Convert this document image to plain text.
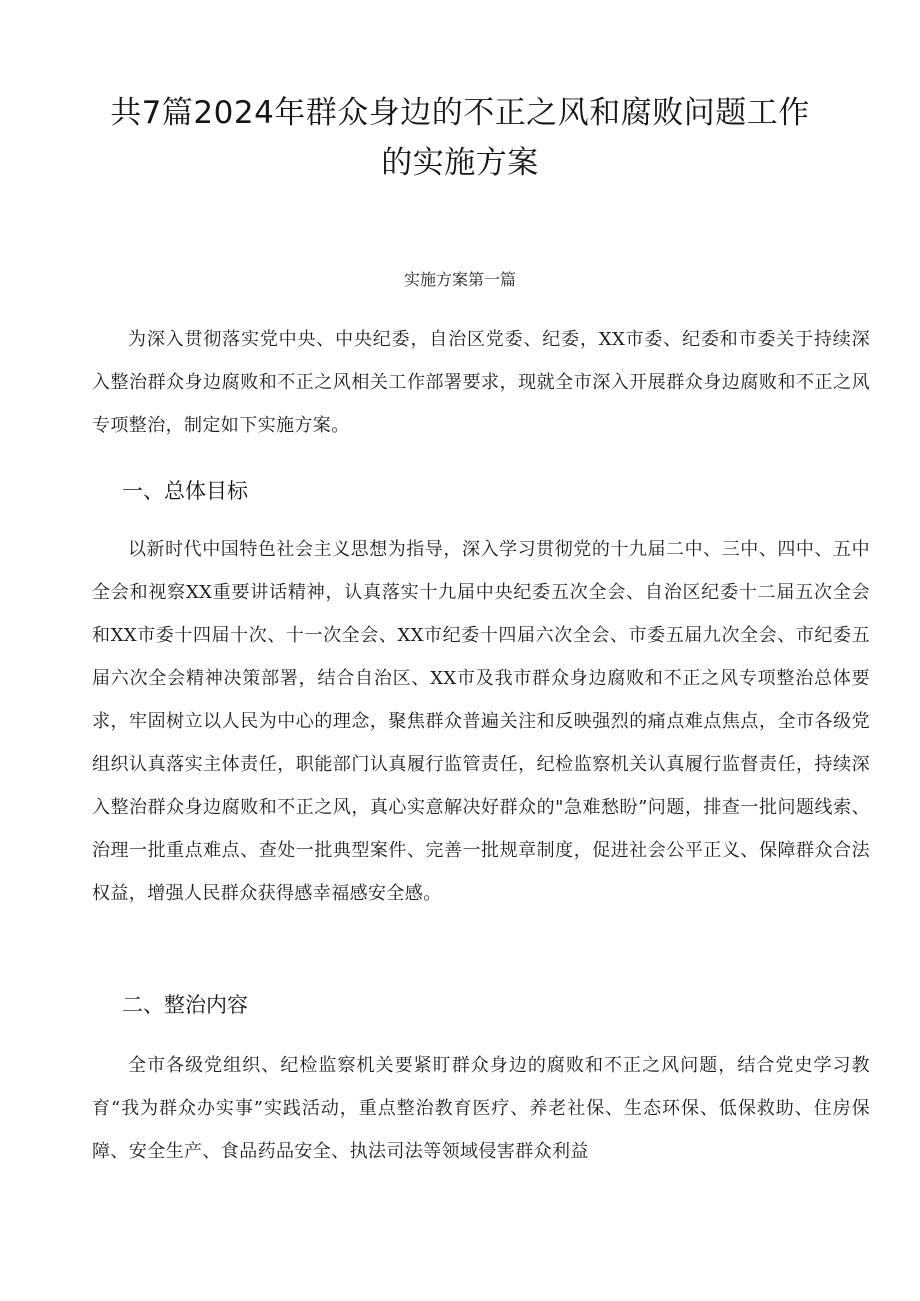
共7篇2024年群众身边的不正之风和腐败问题工作
的实施方案
实施方案第一篇

为深入贯彻落实党中央、中央纪委，自治区党委、纪委，XX市委、纪委和市委关于持续深入整治群众身边腐败和不正之风相关工作部署要求，现就全市深入开展群众身边腐败和不正之风专项整治，制定如下实施方案。

一、总体目标

以新时代中国特色社会主义思想为指导，深入学习贯彻党的十九届二中、三中、四中、五中全会和视察XX重要讲话精神，认真落实十九届中央纪委五次全会、自治区纪委十二届五次全会和XX市委十四届十次、十一次全会、XX市纪委十四届六次全会、市委五届九次全会、市纪委五届六次全会精神决策部署，结合自治区、XX市及我市群众身边腐败和不正之风专项整治总体要求，牢固树立以人民为中心的理念，聚焦群众普遍关注和反映强烈的痛点难点焦点，全市各级党组织认真落实主体责任，职能部门认真履行监管责任，纪检监察机关认真履行监督责任，持续深入整治群众身边腐败和不正之风，真心实意解决好群众的"急难愁盼”问题，排查一批问题线索、治理一批重点难点、查处一批典型案件、完善一批规章制度，促进社会公平正义、保障群众合法权益，增强人民群众获得感幸福感安全感。

二、整治内容

全市各级党组织、纪检监察机关要紧盯群众身边的腐败和不正之风问题，结合党史学习教育“我为群众办实事”实践活动，重点整治教育医疗、养老社保、生态环保、低保救助、住房保障、安全生产、食品药品安全、执法司法等领域侵害群众利益
